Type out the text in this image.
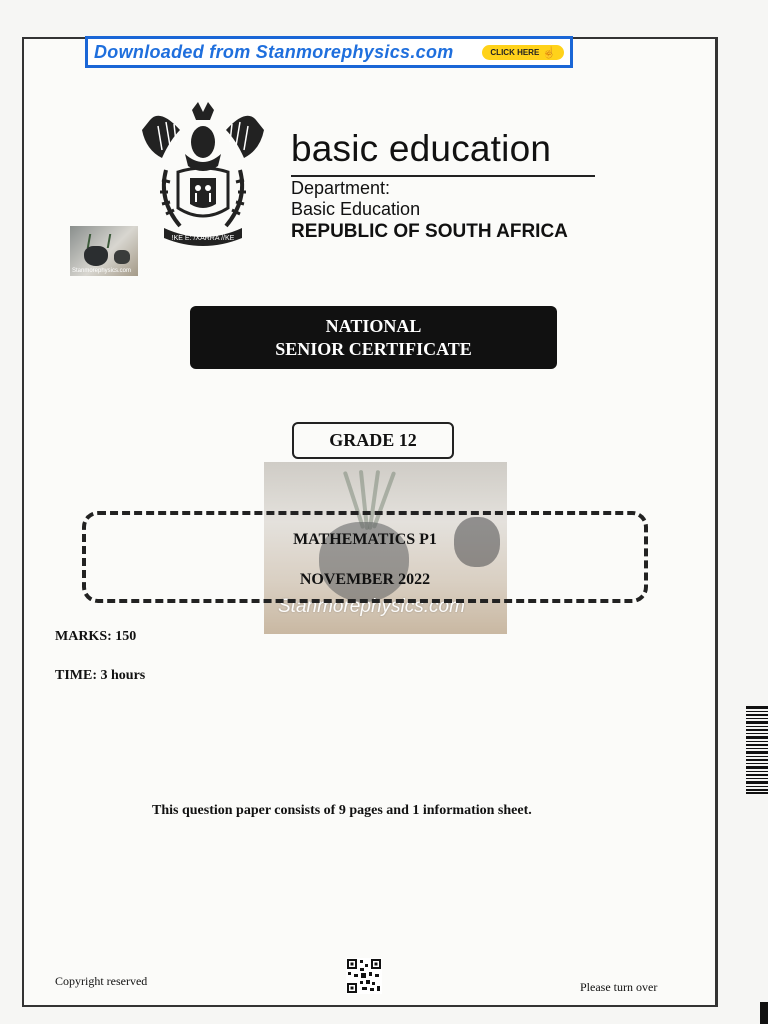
Downloaded from Stanmorephysics.com	CLICK HERE ☝
!KE E: /XARRA //KE
Stanmorephysics.com
basic education
Department:
Basic Education
REPUBLIC OF SOUTH AFRICA
NATIONAL
SENIOR CERTIFICATE
GRADE 12
Stanmorephysics.com
MATHEMATICS P1
NOVEMBER 2022
MARKS: 150
TIME: 3 hours
This question paper consists of 9 pages and 1 information sheet.
Copyright reserved	Please turn over
